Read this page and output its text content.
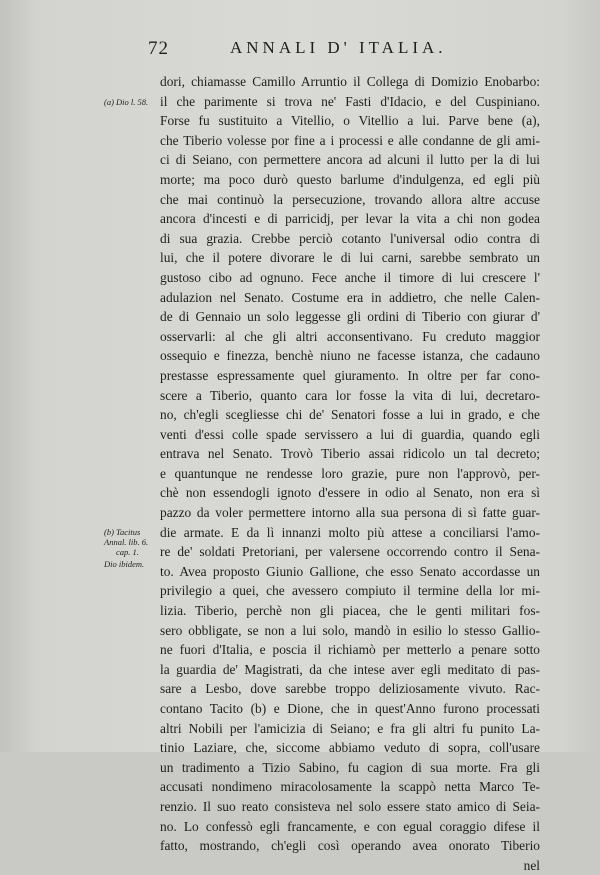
72	ANNALI D' ITALIA.
(a) Dio l. 58.
(b) Tacitus
Annal. lib. 6.
cap. 1.
Dio ibidem.
dori, chiamasse Camillo Arruntio il Collega di Domizio Enobarbo:
il che parimente si trova ne' Fasti d'Idacio, e del Cuspiniano.
Forse fu sustituito a Vitellio, o Vitellio a lui. Parve bene (a),
che Tiberio volesse por fine a i processi e alle condanne de gli ami-
ci di Seiano, con permettere ancora ad alcuni il lutto per la di lui
morte; ma poco durò questo barlume d'indulgenza, ed egli più
che mai continuò la persecuzione, trovando allora altre accuse
ancora d'incesti e di parricidj, per levar la vita a chi non godea
di sua grazia. Crebbe perciò cotanto l'universal odio contra di
lui, che il potere divorare le di lui carni, sarebbe sembrato un
gustoso cibo ad ognuno. Fece anche il timore di lui crescere l'
adulazion nel Senato. Costume era in addietro, che nelle Calen-
de di Gennaio un solo leggesse gli ordini di Tiberio con giurar d'
osservarli: al che gli altri acconsentivano. Fu creduto maggior
ossequio e finezza, benchè niuno ne facesse istanza, che cadauno
prestasse espressamente quel giuramento. In oltre per far cono-
scere a Tiberio, quanto cara lor fosse la vita di lui, decretaro-
no, ch'egli scegliesse chi de' Senatori fosse a lui in grado, e che
venti d'essi colle spade servissero a lui di guardia, quando egli
entrava nel Senato. Trovò Tiberio assai ridicolo un tal decreto;
e quantunque ne rendesse loro grazie, pure non l'approvò, per-
chè non essendogli ignoto d'essere in odio al Senato, non era sì
pazzo da voler permettere intorno alla sua persona di sì fatte guar-
die armate. E da lì innanzi molto più attese a conciliarsi l'amo-
re de' soldati Pretoriani, per valersene occorrendo contro il Sena-
to. Avea proposto Giunio Gallione, che esso Senato accordasse un
privilegio a quei, che avessero compiuto il termine della lor mi-
lizia. Tiberio, perchè non gli piacea, che le genti militari fos-
sero obbligate, se non a lui solo, mandò in esilio lo stesso Gallio-
ne fuori d'Italia, e poscia il richiamò per metterlo a penare sotto
la guardia de' Magistrati, da che intese aver egli meditato di pas-
sare a Lesbo, dove sarebbe troppo deliziosamente vivuto. Rac-
contano Tacito (b) e Dione, che in quest'Anno furono processati
altri Nobili per l'amicizia di Seiano; e fra gli altri fu punito La-
tinio Laziare, che, siccome abbiamo veduto di sopra, coll'usare
un tradimento a Tizio Sabino, fu cagion di sua morte. Fra gli
accusati nondimeno miracolosamente la scappò netta Marco Te-
renzio. Il suo reato consisteva nel solo essere stato amico di Seia-
no. Lo confessò egli francamente, e con egual coraggio difese il
fatto, mostrando, ch'egli così operando avea onorato Tiberio
nel
